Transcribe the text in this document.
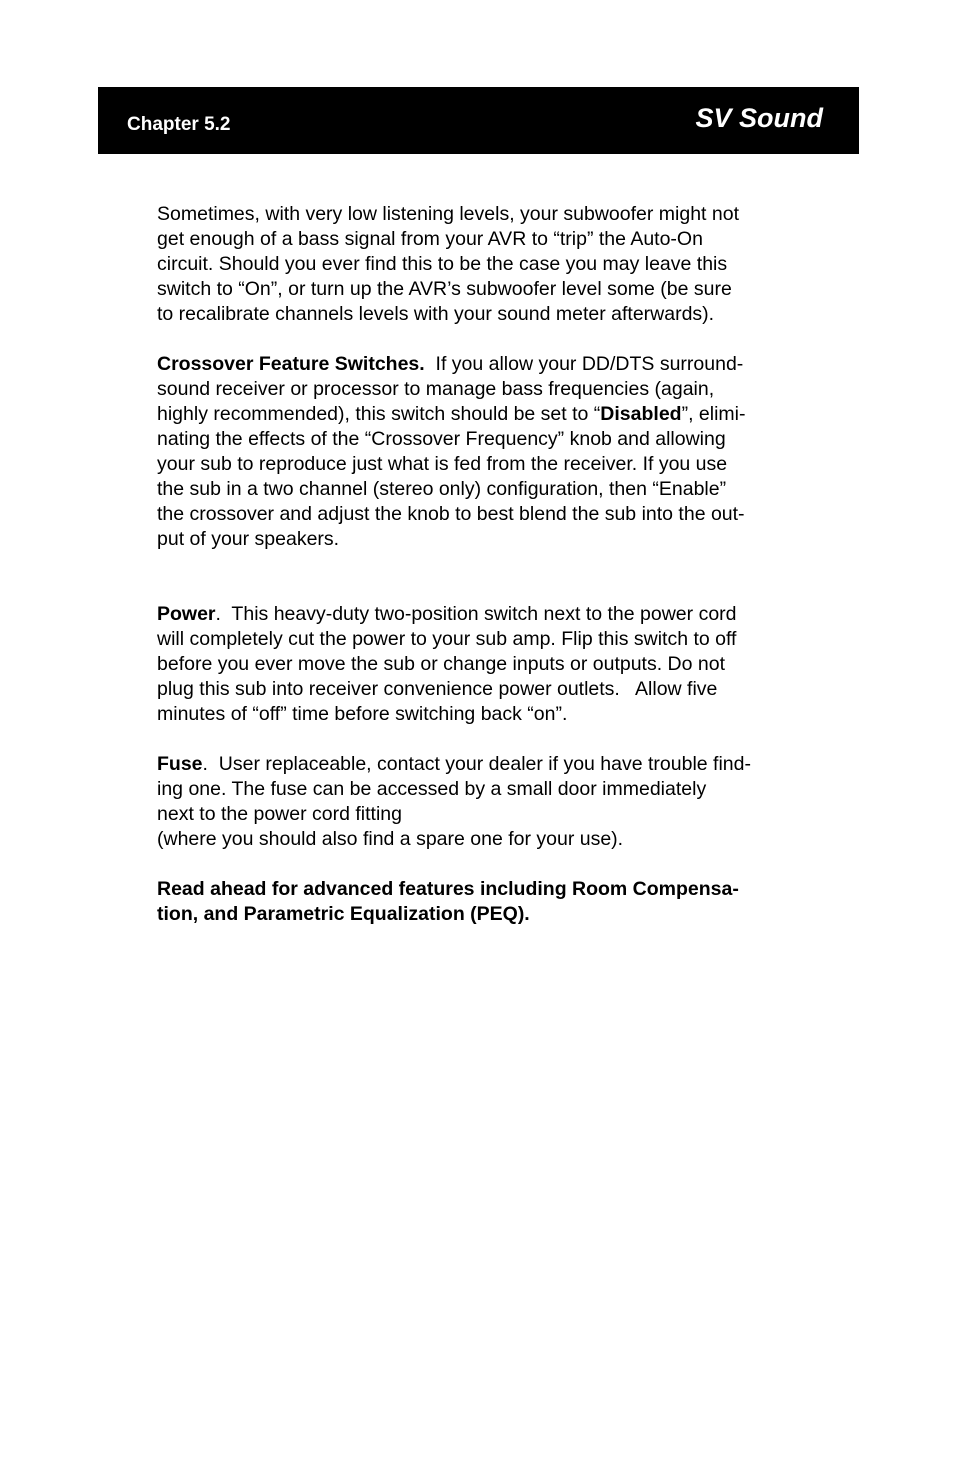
Chapter 5.2	SV Sound

Sometimes, with very low listening levels, your subwoofer might not
get enough of a bass signal from your AVR to “trip” the Auto-On
circuit. Should you ever find this to be the case you may leave this
switch to “On”, or turn up the AVR’s subwoofer level some (be sure
to recalibrate channels levels with your sound meter afterwards).

Crossover Feature Switches.  If you allow your DD/DTS surround-
sound receiver or processor to manage bass frequencies (again,
highly recommended), this switch should be set to “Disabled”, elimi-
nating the effects of the “Crossover Frequency” knob and allowing
your sub to reproduce just what is fed from the receiver. If you use
the sub in a two channel (stereo only) configuration, then “Enable”
the crossover and adjust the knob to best blend the sub into the out-
put of your speakers.

Power.  This heavy-duty two-position switch next to the power cord
will completely cut the power to your sub amp. Flip this switch to off
before you ever move the sub or change inputs or outputs. Do not
plug this sub into receiver convenience power outlets.   Allow five
minutes of “off” time before switching back “on”.

Fuse.  User replaceable, contact your dealer if you have trouble find-
ing one. The fuse can be accessed by a small door immediately
next to the power cord fitting
(where you should also find a spare one for your use).

Read ahead for advanced features including Room Compensa-
tion, and Parametric Equalization (PEQ).
